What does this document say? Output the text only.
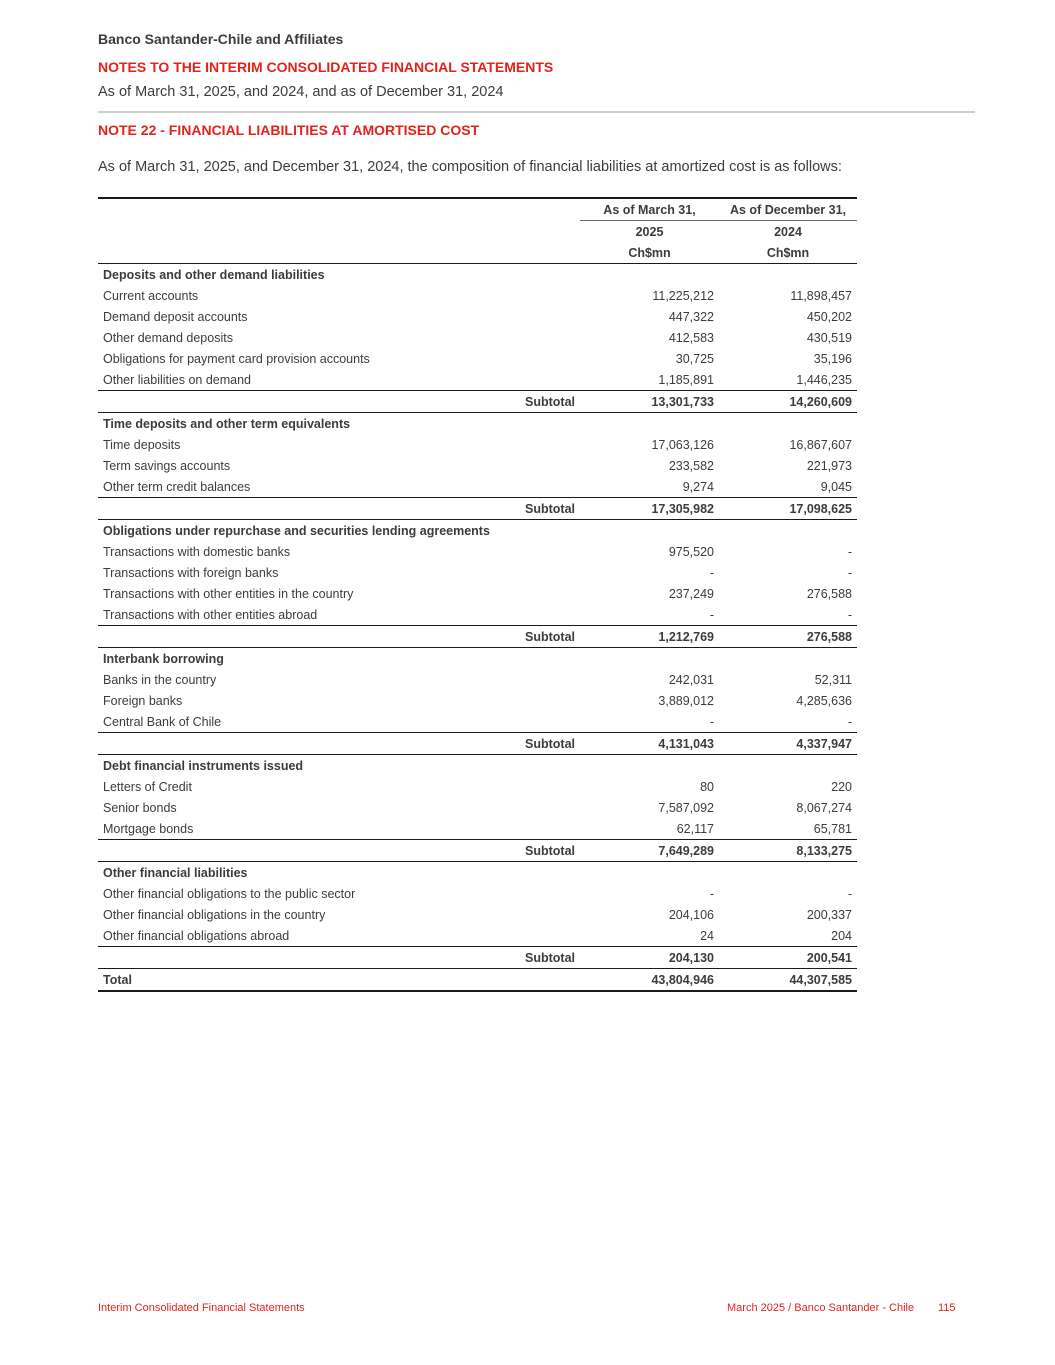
Banco Santander-Chile and Affiliates
NOTES TO THE INTERIM CONSOLIDATED FINANCIAL STATEMENTS
As of March 31, 2025, and 2024, and as of December 31, 2024
NOTE 22 - FINANCIAL LIABILITIES AT AMORTISED COST
As of March 31, 2025, and December 31, 2024, the composition of financial liabilities at amortized cost is as follows:
	As of March 31,	As of December 31,
	2025	2024
	Ch$mn	Ch$mn
Deposits and other demand liabilities		
Current accounts	11,225,212	11,898,457
Demand deposit accounts	447,322	450,202
Other demand deposits	412,583	430,519
Obligations for payment card provision accounts	30,725	35,196
Other liabilities on demand	1,185,891	1,446,235
Subtotal	13,301,733	14,260,609
Time deposits and other term equivalents		
Time deposits	17,063,126	16,867,607
Term savings accounts	233,582	221,973
Other term credit balances	9,274	9,045
Subtotal	17,305,982	17,098,625
Obligations under repurchase and securities lending agreements		
Transactions with domestic banks	975,520	-
Transactions with foreign banks	-	-
Transactions with other entities in the country	237,249	276,588
Transactions with other entities abroad	-	-
Subtotal	1,212,769	276,588
Interbank borrowing		
Banks in the country	242,031	52,311
Foreign banks	3,889,012	4,285,636
Central Bank of Chile	-	-
Subtotal	4,131,043	4,337,947
Debt financial instruments issued		
Letters of Credit	80	220
Senior bonds	7,587,092	8,067,274
Mortgage bonds	62,117	65,781
Subtotal	7,649,289	8,133,275
Other financial liabilities		
Other financial obligations to the public sector	-	-
Other financial obligations in the country	204,106	200,337
Other financial obligations abroad	24	204
Subtotal	204,130	200,541
Total	43,804,946	44,307,585
Interim Consolidated Financial Statements	March 2025 / Banco Santander - Chile 115
